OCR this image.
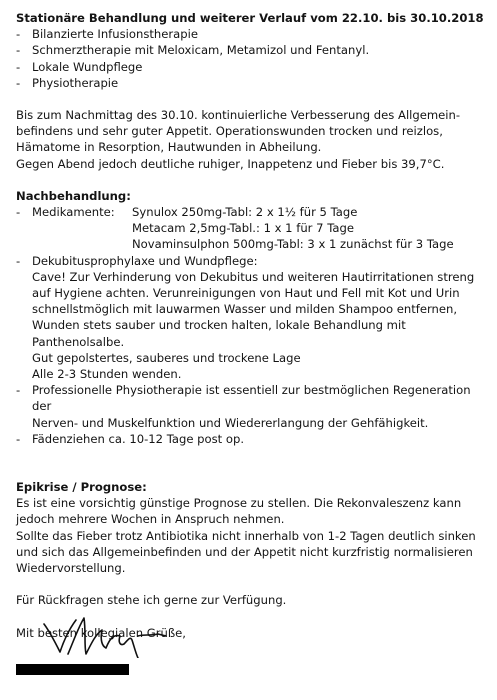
Stationäre Behandlung und weiterer Verlauf vom 22.10. bis 30.10.2018
-	Bilanzierte Infusionstherapie
-	Schmerztherapie mit Meloxicam, Metamizol und Fentanyl.
-	Lokale Wundpflege
-	Physiotherapie
Bis zum Nachmittag des 30.10. kontinuierliche Verbesserung des Allgemein-
befindens und sehr guter Appetit. Operationswunden trocken und reizlos,
Hämatome in Resorption, Hautwunden in Abheilung.
Gegen Abend jedoch deutliche ruhiger, Inappetenz und Fieber bis 39,7°C.
Nachbehandlung:
-	Medikamente:	Synulox 250mg-Tabl: 2 x 1½ für 5 Tage
Metacam 2,5mg-Tabl.: 1 x 1 für 7 Tage
Novaminsulphon 500mg-Tabl: 3 x 1 zunächst für 3 Tage
-	Dekubitusprophylaxe und Wundpflege:
Cave! Zur Verhinderung von Dekubitus und weiteren Hautirritationen streng
auf Hygiene achten. Verunreinigungen von Haut und Fell mit Kot und Urin
schnellstmöglich mit lauwarmen Wasser und milden Shampoo entfernen,
Wunden stets sauber und trocken halten, lokale Behandlung mit
Panthenolsalbe.
Gut gepolstertes, sauberes und trockene Lage
Alle 2-3 Stunden wenden.
-	Professionelle Physiotherapie ist essentiell zur bestmöglichen Regeneration der
Nerven- und Muskelfunktion und Wiedererlangung der Gehfähigkeit.
-	Fädenziehen ca. 10-12 Tage post op.
Epikrise / Prognose:
Es ist eine vorsichtig günstige Prognose zu stellen. Die Rekonvaleszenz kann
jedoch mehrere Wochen in Anspruch nehmen.
Sollte das Fieber trotz Antibiotika nicht innerhalb von 1-2 Tagen deutlich sinken
und sich das Allgemeinbefinden und der Appetit nicht kurzfristig normalisieren
Wiedervorstellung.
Für Rückfragen stehe ich gerne zur Verfügung.
Mit besten kollegialen Grüße,
